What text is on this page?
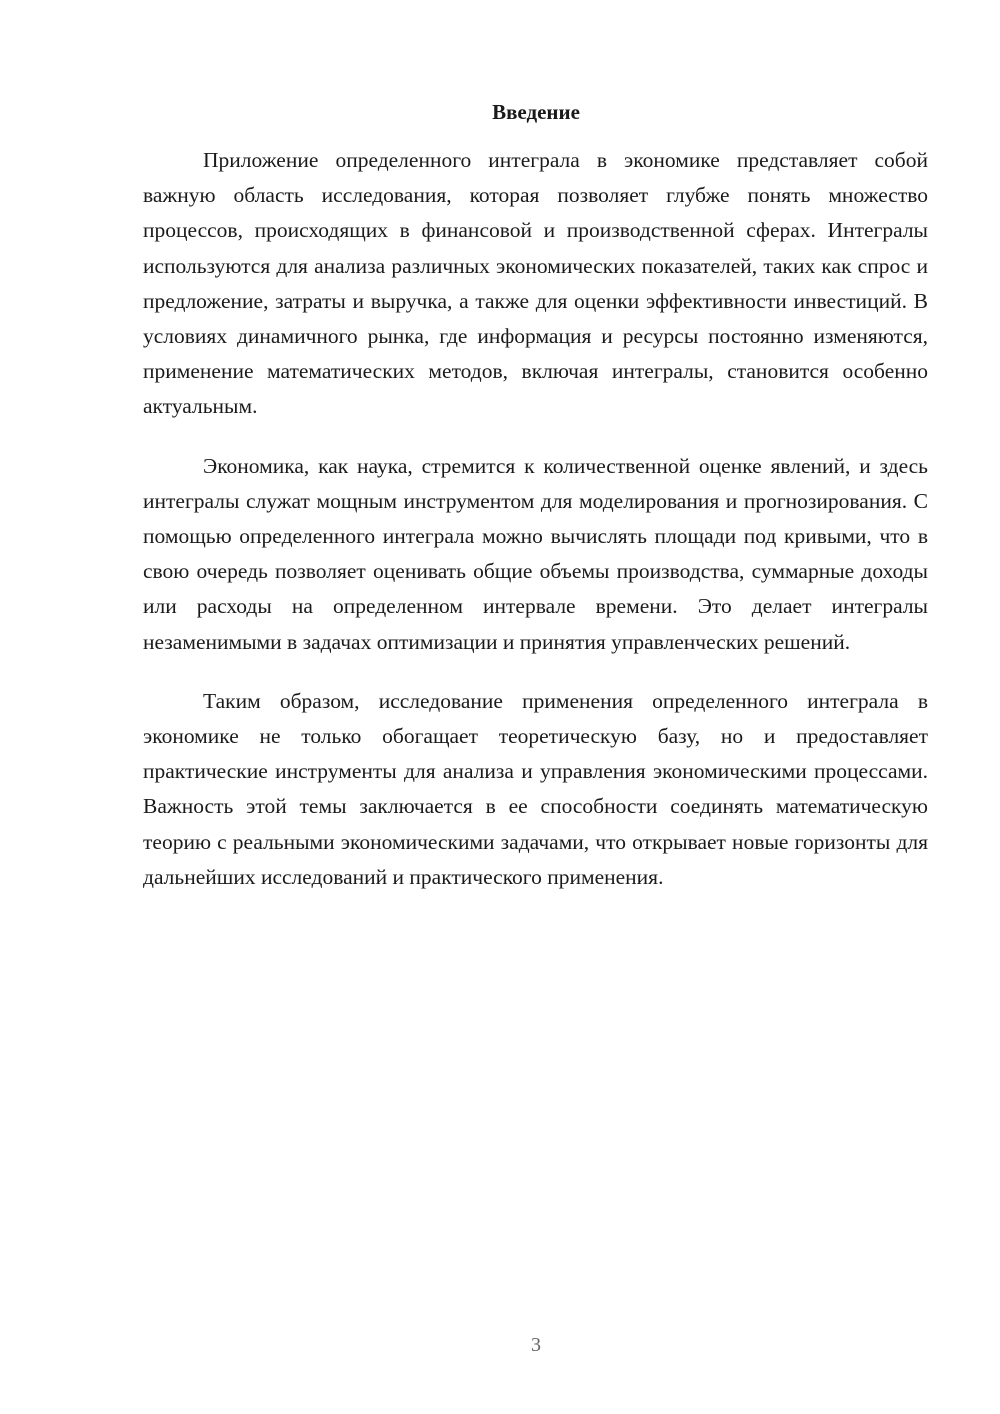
Введение

Приложение определенного интеграла в экономике представляет собой важную область исследования, которая позволяет глубже понять множество процессов, происходящих в финансовой и производственной сферах. Интегралы используются для анализа различных экономических показателей, таких как спрос и предложение, затраты и выручка, а также для оценки эффективности инвестиций. В условиях динамичного рынка, где информация и ресурсы постоянно изменяются, применение математических методов, включая интегралы, становится особенно актуальным.

Экономика, как наука, стремится к количественной оценке явлений, и здесь интегралы служат мощным инструментом для моделирования и прогнозирования. С помощью определенного интеграла можно вычислять площади под кривыми, что в свою очередь позволяет оценивать общие объемы производства, суммарные доходы или расходы на определенном интервале времени. Это делает интегралы незаменимыми в задачах оптимизации и принятия управленческих решений.

Таким образом, исследование применения определенного интеграла в экономике не только обогащает теоретическую базу, но и предоставляет практические инструменты для анализа и управления экономическими процессами. Важность этой темы заключается в ее способности соединять математическую теорию с реальными экономическими задачами, что открывает новые горизонты для дальнейших исследований и практического применения.

3
